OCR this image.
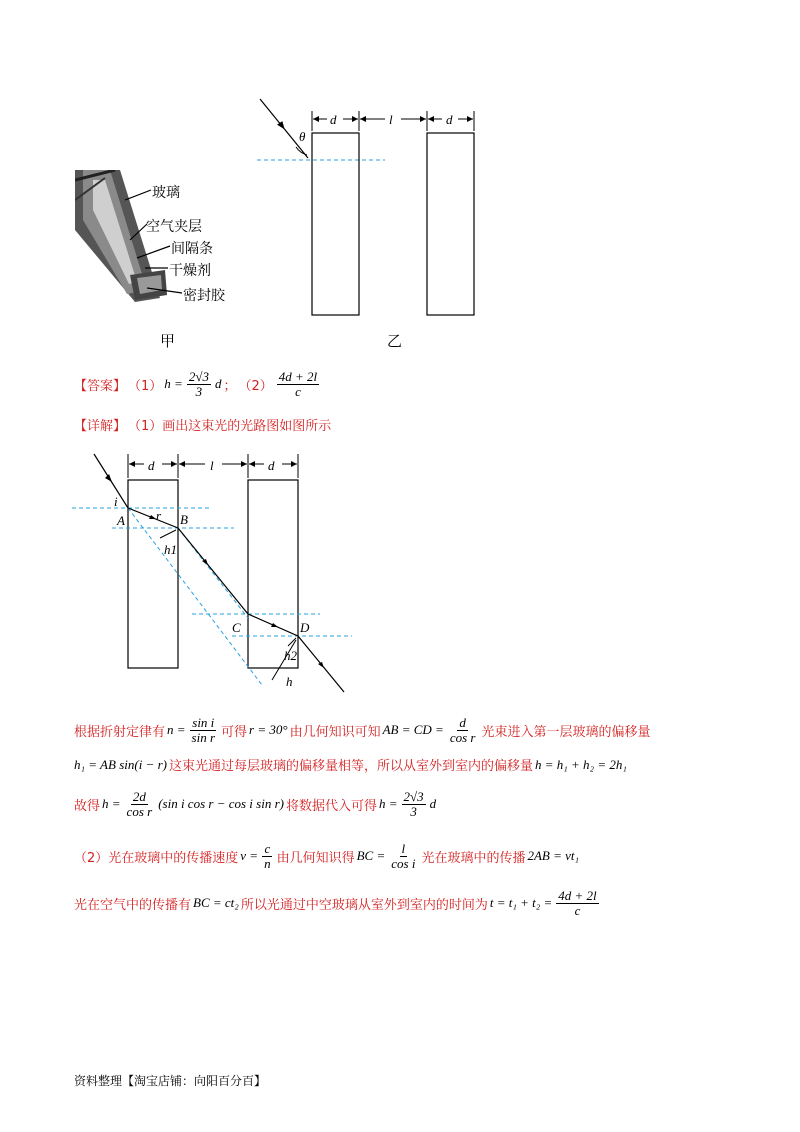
玻璃
空气夹层
间隔条
干燥剂
密封胶
甲
d	l	d
θ
乙
【答案】 （1） $h = \frac{2√3}{3}$ d ； $(2) \frac{4d + 2l}{c}$
【详解】 （1）画出这束光的光路图如图所示
d	l	d
i
r
A	B
C	D
h1
h2
h
根据折射定律有 $n = \frac{\text{sin i}}{\text{sin r}}$ 可得 r = 30° 由几何知识可知 AB = CD = $\frac{d}{\text{cos r}}$ 光束进入第一层玻璃的偏移量
h₁ = AB sin(i − r) 这束光通过每层玻璃的偏移量相等，所以从室外到室内的偏移量 h = h₁ + h₂ = 2h₁
故得 $h = \frac{2d}{\text{cos r}} (\sin$ i cos r − cos i sin r) 将数据代入可得 $h = \frac{2√3}{3}$ d
（2）光在玻璃中的传播速度 $v = \frac{c}{n}$ 由几何知识得 BC = $\frac{l}{\text{cos i}}$ 光在玻璃中的传播 2AB = vt₁
光在空气中的传播有 BC = ct₂ 所以光通过中空玻璃从室外到室内的时间为 $t = t_1 + t_2 = \frac{4d + 2l}{c}$
资料整理【淘宝店铺：向阳百分百】
